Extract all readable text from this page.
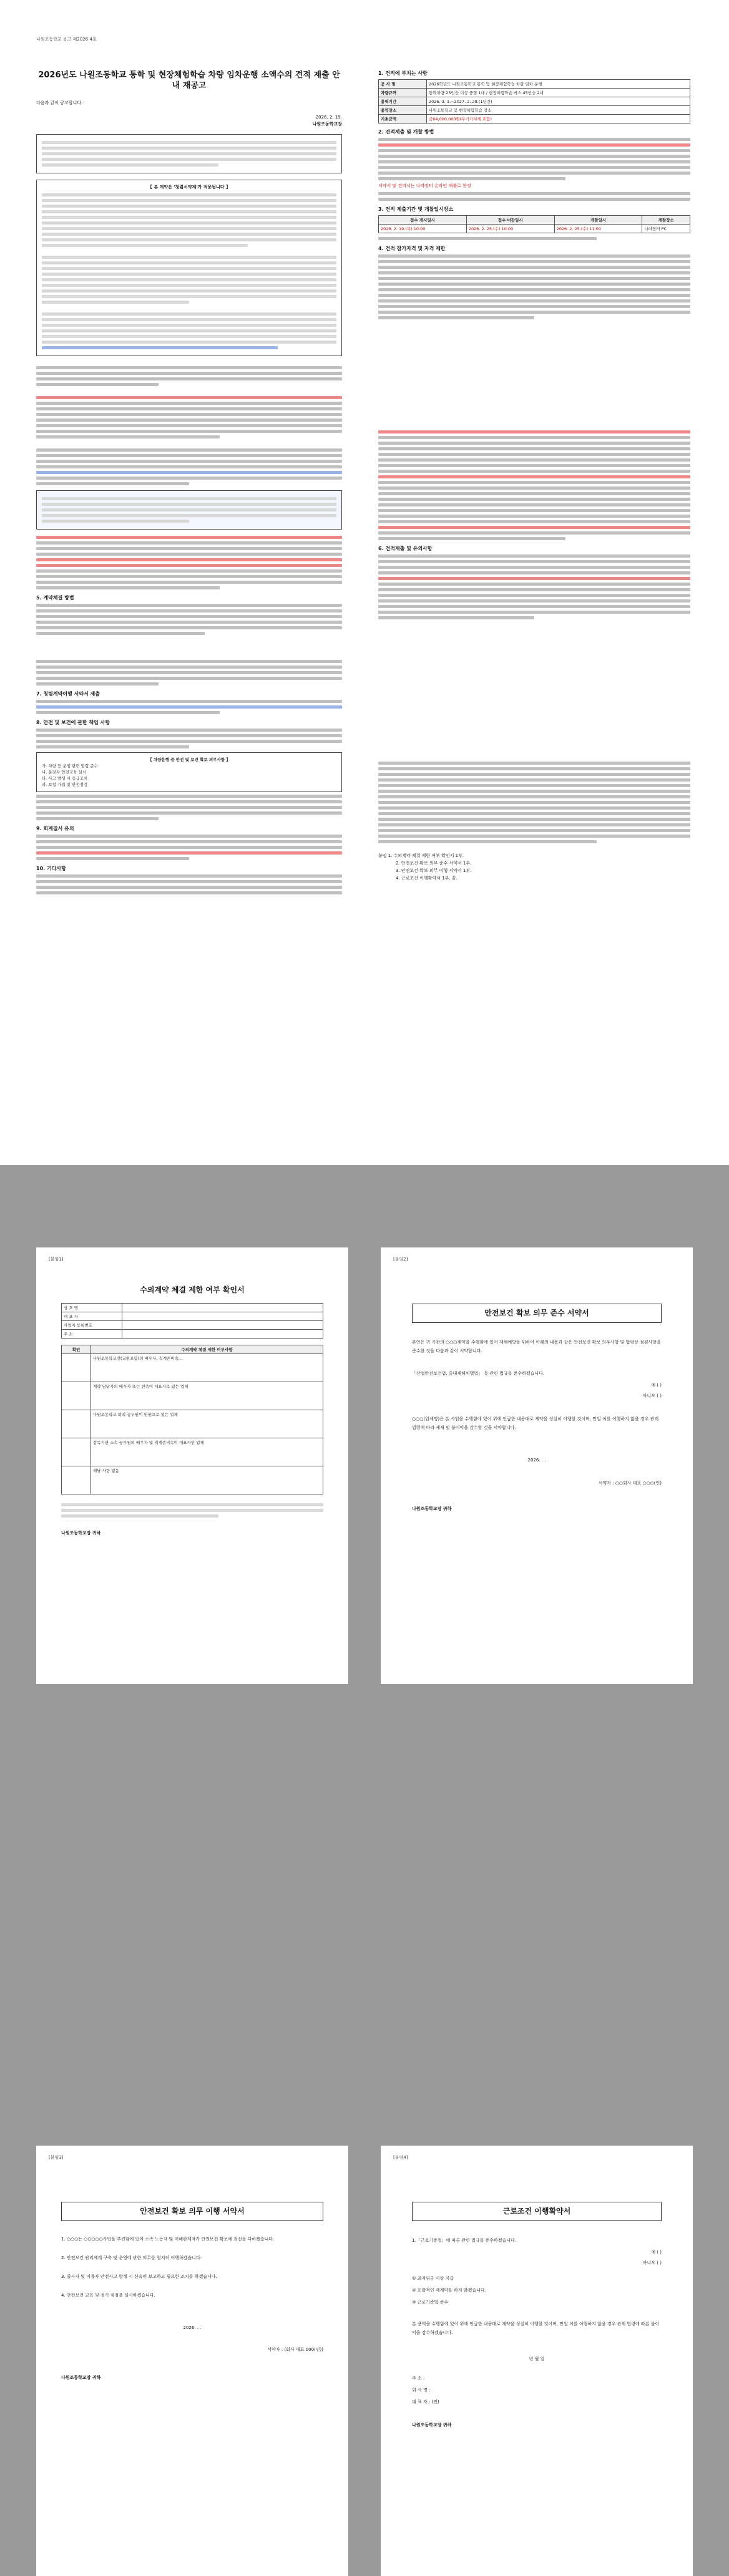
나원조동학교 공고 제2026-4호
2026년도 나원조동학교 통학 및 현장체험학습 차량 임차운행 소액수의 견적 제출 안내 재공고
다음과 같이 공고합니다.
2026. 2. 19.
나원조동학교장
【 본 계약은 '청렴서약제'가 적용됩니다 】
5. 계약체결 방법
7. 청렴계약이행 서약서 제출
8. 안전 및 보건에 관한 책임 사항
【 차량운행 중 안전 및 보건 확보 의무사항 】
가. 차량 등 운행 관련 법령 준수
나. 운전자 안전교육 실시
다. 사고 발생 시 응급조치
라. 보험 가입 및 안전점검
9. 회계질서 유의
10. 기타사항
1. 견적에 부치는 사항
공 사 명	2026학년도 나원조동학교 통학 및 현장체험학습 차량 임차 운행
차량규격	통학차량 25인승 이상 중형 1대 / 현장체험학습 버스 45인승 2대
용역기간	2026. 3. 1.~2027. 2. 28.(1년간)
용역장소	나원조동학교 및 현장체험학습 장소
기초금액	금64,000,000원(부가가치세 포함)
2. 견적제출 및 개찰 방법
서약서 및 견적서는 나라장터 온라인 제출로 한정
3. 견적 제출기간 및 개찰일시장소
접수 개시일시	접수 마감일시	개찰일시	개찰장소
2026. 2. 19.(목) 10:00	2026. 2. 25.(수) 10:00	2026. 2. 25.(수) 11:00	나라장터 PC
4. 견적 참가자격 및 자격 제한
6. 견적제출 및 유의사항
붙임 1. 수의계약 체결 제한 여부 확인서 1부.
2. 안전보건 확보 의무 준수 서약서 1부.
3. 안전보건 확보 의무 이행 서약서 1부.
4. 근로조건 이행확약서 1부. 끝.
[붙임1]
수의계약 체결 제한 여부 확인서
상 호 명	
대 표 자	
사업자 등록번호	
주 소	
확인	수의계약 체결 제한 여부사항
	나원조동학교장(교원포함)의 배우자, 직계존비속...
	계약 담당자의 배우자 또는 친족이 대표자로 있는 업체
	나원조동학교 퇴직 공무원이 임원으로 있는 업체
	감독기관 소속 공무원의 배우자 및 직계존비속이 대표자인 업체
	해당 사항 없음
나원조동학교장 귀하
[붙임2]
안전보건 확보 의무 준수 서약서
본인은 귀 기관의 ○○○계약을 수행함에 있어 재해예방을 위하여 아래의 내용과 같은 안전보건 확보 의무사항 및 법령상 점검사항을 준수할 것을 다음과 같이 서약합니다.
「산업안전보건법, 중대재해처벌법」 등 관련 법규를 준수하겠습니다.
예 ( )
아니오 ( )
○○○(업체명)은 본 사업을 수행함에 있어 위에 언급한 내용대로 계약을 성실히 이행할 것이며, 만일 이를 이행하지 않을 경우 관계법령에 따라 제재 및 불이익을 감수할 것을 서약합니다.
2026. . .
서약자 : ○○회사 대표 ○○○(인)
나원조동학교장 귀하
[붙임3]
안전보건 확보 의무 이행 서약서
1. ○○○는 ○○○○○사업을 추진함에 있어 소속 노동자 및 이해관계자가 안전보건 확보에 최선을 다하겠습니다.
2. 안전보건 관리체계 구축 및 운영에 관한 의무를 철저히 이행하겠습니다.
3. 종사자 및 이용자 안전사고 발생 시 신속히 보고하고 필요한 조치를 하겠습니다.
4. 안전보건 교육 및 정기 점검을 실시하겠습니다.
2026. . .
서약자 : (회사 대표 000(인))
나원조동학교장 귀하
[붙임4]
근로조건 이행확약서
1.「근로기준법」에 따른 관련 법규를 준수하겠습니다.
예 ( )
아니오 ( )
① 최저임금 이상 지급
② 포괄적인 재계약을 하지 않겠습니다.
③ 근로기준법 준수
본 용역을 수행함에 있어 위에 언급한 내용대로 계약을 성실히 이행할 것이며, 만일 이를 이행하지 않을 경우 관계 법령에 따른 불이익을 감수하겠습니다.
년 월 일
주 소 :
회 사 명 :
대 표 자 : (인)
나원조동학교장 귀하
